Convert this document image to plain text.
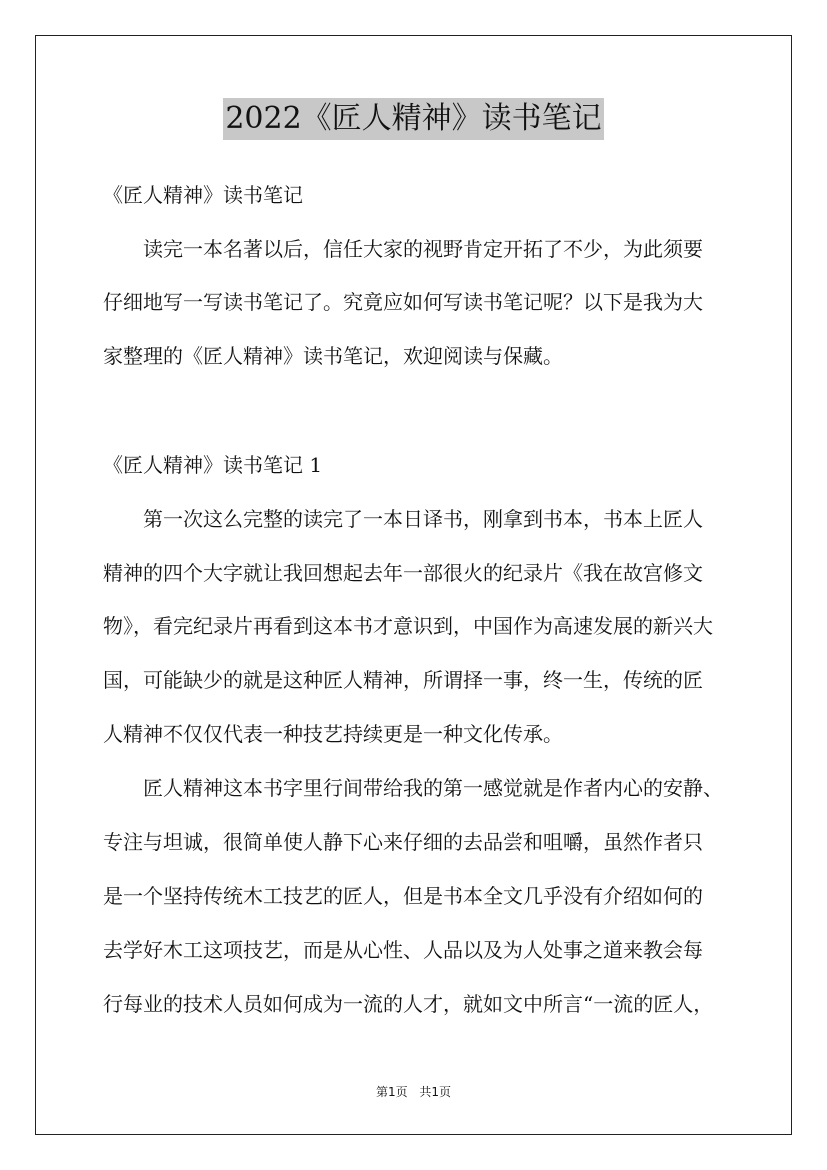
2022《匠人精神》读书笔记
《匠人精神》读书笔记
读完一本名著以后，信任大家的视野肯定开拓了不少，为此须要
仔细地写一写读书笔记了。究竟应如何写读书笔记呢？以下是我为大
家整理的《匠人精神》读书笔记，欢迎阅读与保藏。
《匠人精神》读书笔记 1
第一次这么完整的读完了一本日译书，刚拿到书本，书本上匠人
精神的四个大字就让我回想起去年一部很火的纪录片《我在故宫修文
物》，看完纪录片再看到这本书才意识到，中国作为高速发展的新兴大
国，可能缺少的就是这种匠人精神，所谓择一事，终一生，传统的匠
人精神不仅仅代表一种技艺持续更是一种文化传承。
匠人精神这本书字里行间带给我的第一感觉就是作者内心的安静、
专注与坦诚，很简单使人静下心来仔细的去品尝和咀嚼，虽然作者只
是一个坚持传统木工技艺的匠人，但是书本全文几乎没有介绍如何的
去学好木工这项技艺，而是从心性、人品以及为人处事之道来教会每
行每业的技术人员如何成为一流的人才，就如文中所言“一流的匠人，
第1页 共1页
